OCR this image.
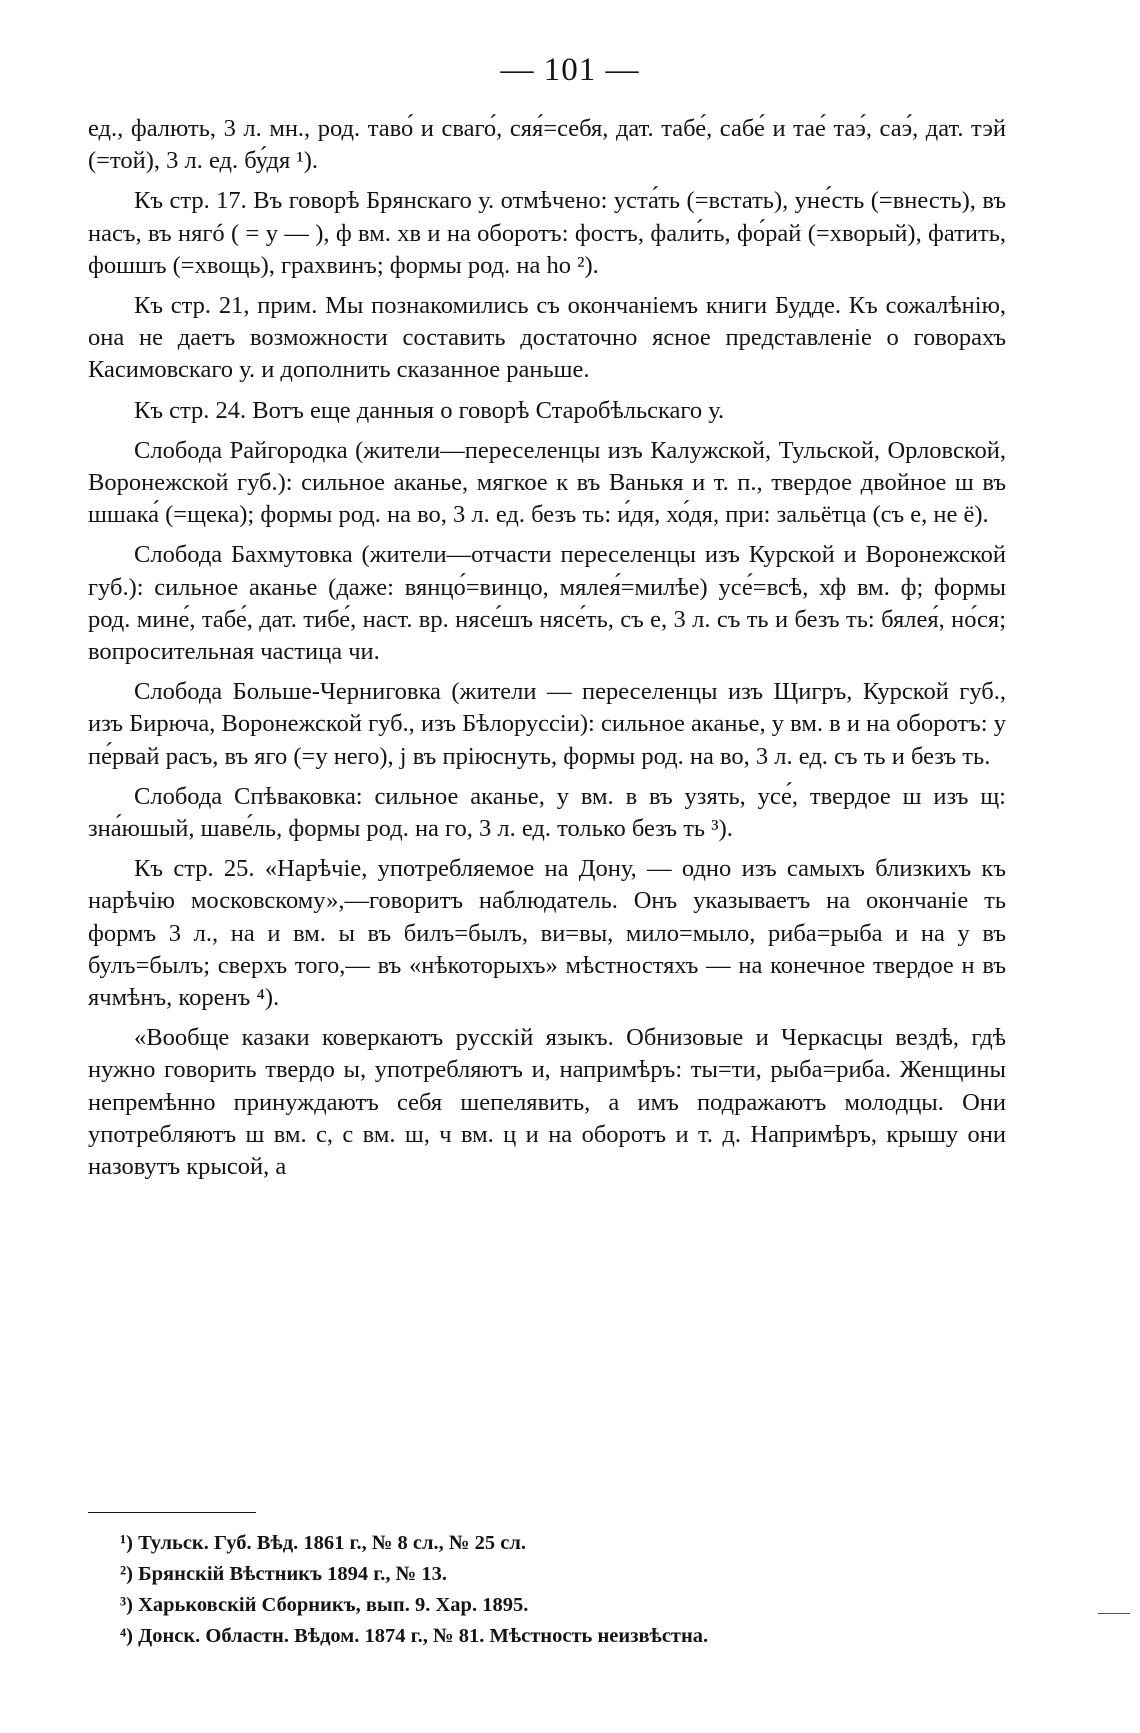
— 101 —

ед., фалють, 3 л. мн., род. таво́ и сваго́, сяя́=себя, дат. табе́, сабе́ и тае́ таэ́, саэ́, дат. тэй (=той), 3 л. ед. бу́дя ¹).

Къ стр. 17. Въ говорѣ Брянскаго у. отмѣчено: уста́ть (=встать), уне́сть (=внесть), въ насъ, въ нягó ( = у — ), ф вм. хв и на оборотъ: фостъ, фали́ть, фо́рай (=хворый), фатить, фошшъ (=хвощь), грахвинъ; формы род. на ho ²).

Къ стр. 21, прим. Мы познакомились съ окончаніемъ книги Будде. Къ сожалѣнію, она не даетъ возможности составить достаточно ясное представленіе о говорахъ Касимовскаго у. и дополнить сказанное раньше.

Къ стр. 24. Вотъ еще данныя о говорѣ Старобѣльскаго у.

Слобода Райгородка (жители—переселенцы изъ Калужской, Тульской, Орловской, Воронежской губ.): сильное аканье, мягкое к въ Ванькя и т. п., твердое двойное ш въ шшака́ (=щека); формы род. на во, 3 л. ед. безъ ть: и́дя, хо́дя, при: зальётца (съ е, не ё).

Слобода Бахмутовка (жители—отчасти переселенцы изъ Курской и Воронежской губ.): сильное аканье (даже: вянцо́=винцо, мялея́=милѣе) усе́=всѣ, хф вм. ф; формы род. мине́, табе́, дат. тибе́, наст. вр. нясе́шъ нясе́ть, съ е, 3 л. съ ть и безъ ть: бялея́, но́ся; вопросительная частица чи.

Слобода Больше-Черниговка (жители — переселенцы изъ Щигръ, Курской губ., изъ Бирюча, Воронежской губ., изъ Бѣлоруссіи): сильное аканье, у вм. в и на оборотъ: у пе́рвай расъ, въ яго (=у него), j въ пріюснуть, формы род. на во, 3 л. ед. съ ть и безъ ть.

Слобода Спѣваковка: сильное аканье, у вм. в въ узять, усе́, твердое ш изъ щ: зна́юшый, шаве́ль, формы род. на го, 3 л. ед. только безъ ть ³).

Къ стр. 25. «Нарѣчіе, употребляемое на Дону, — одно изъ самыхъ близкихъ къ нарѣчію московскому»,—говоритъ наблюдатель. Онъ указываетъ на окончаніе ть формъ 3 л., на и вм. ы въ билъ=былъ, ви=вы, мило=мыло, риба=рыба и на у въ булъ=былъ; сверхъ того,— въ «нѣкоторыхъ» мѣстностяхъ — на конечное твердое н въ ячмѣнъ, коренъ ⁴).

«Вообще казаки коверкаютъ русскій языкъ. Обнизовые и Черкасцы вездѣ, гдѣ нужно говорить твердо ы, употребляютъ и, напримѣръ: ты=ти, рыба=риба. Женщины непремѣнно принуждаютъ себя шепелявить, а имъ подражаютъ молодцы. Они употребляютъ ш вм. с, с вм. ш, ч вм. ц и на оборотъ и т. д. Напримѣръ, крышу они назовутъ крысой, а

¹) Тульск. Губ. Вѣд. 1861 г., № 8 сл., № 25 сл.
²) Брянскій Вѣстникъ 1894 г., № 13.
³) Харьковскій Сборникъ, вып. 9. Хар. 1895.
⁴) Донск. Областн. Вѣдом. 1874 г., № 81. Мѣстность неизвѣстна.
